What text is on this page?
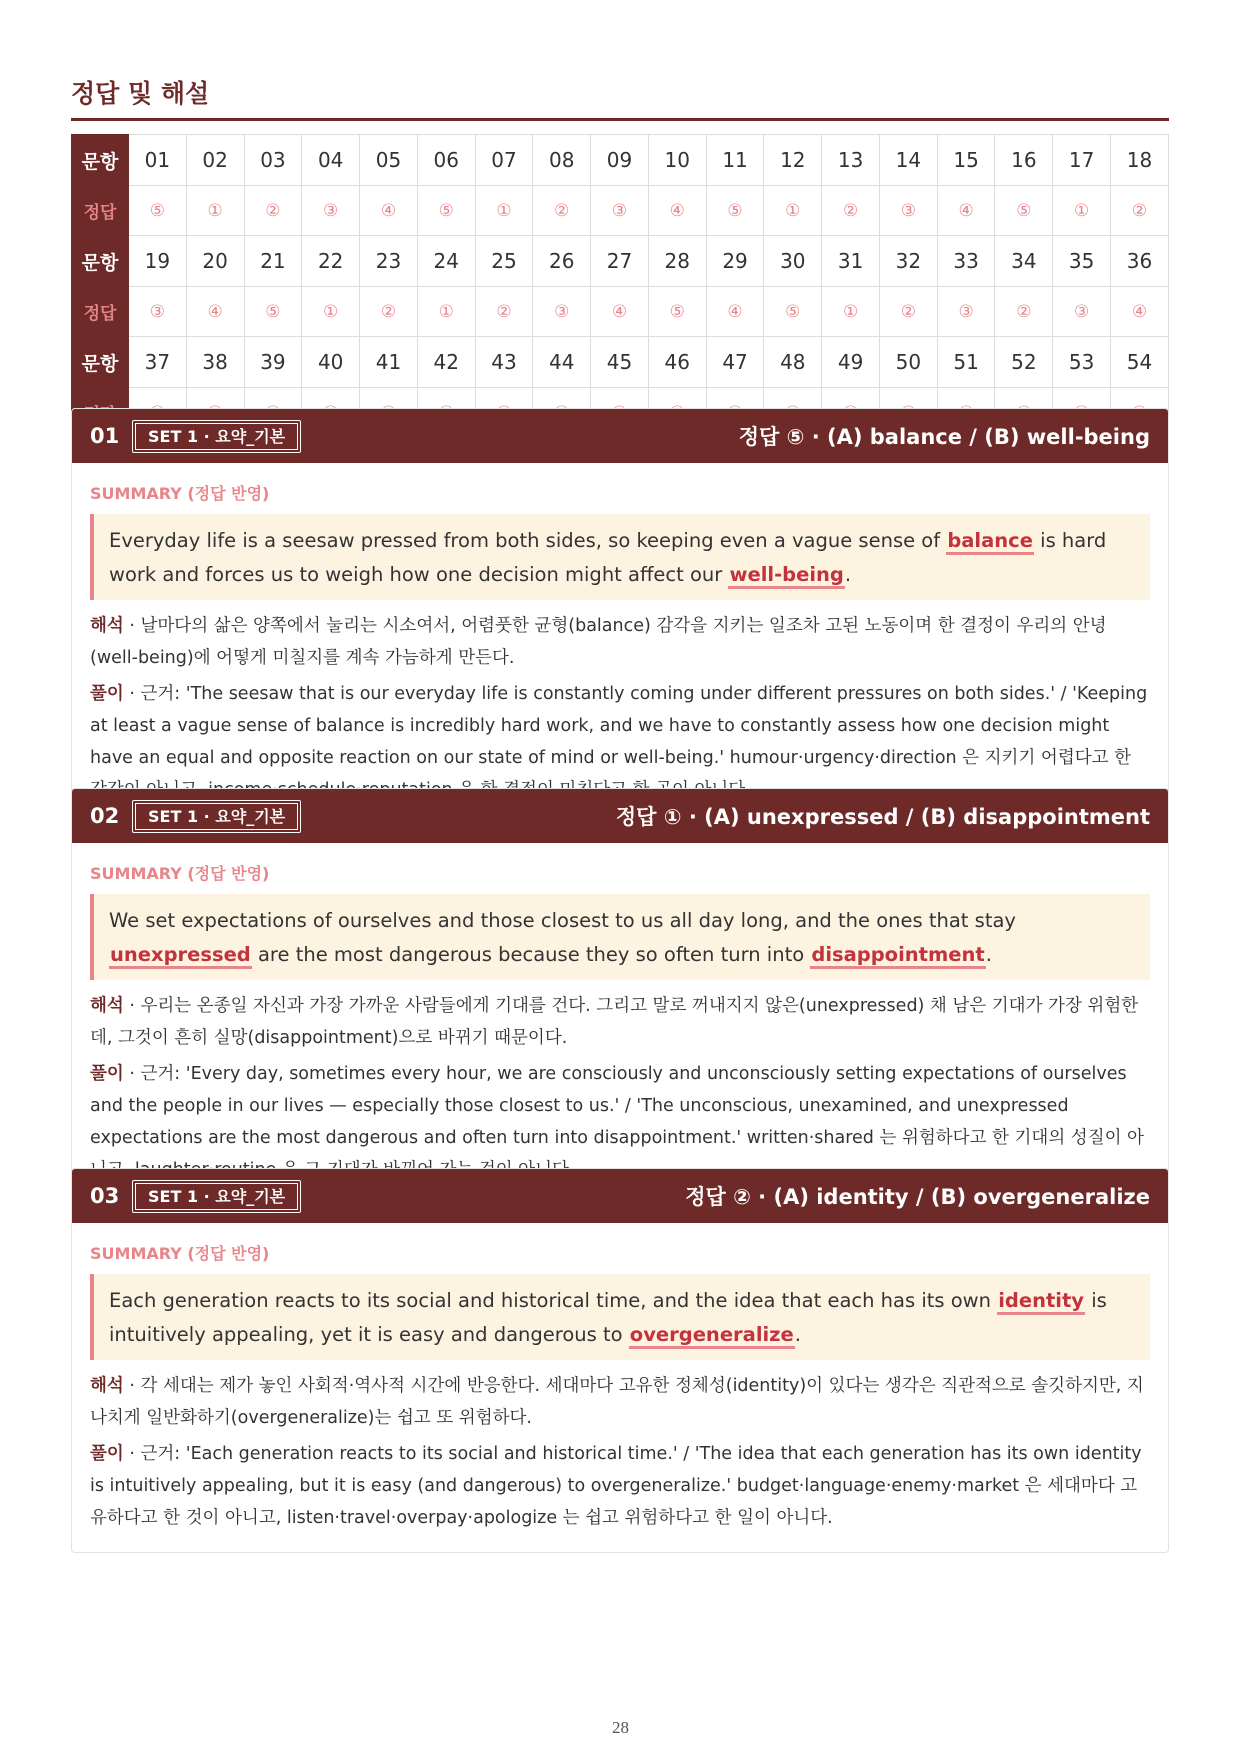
정답 및 해설
문항	01	02	03	04	05	06	07	08	09	10	11	12	13	14	15	16	17	18
정답	⑤	①	②	③	④	⑤	①	②	③	④	⑤	①	②	③	④	⑤	①	②
문항	19	20	21	22	23	24	25	26	27	28	29	30	31	32	33	34	35	36
정답	③	④	⑤	①	②	①	②	③	④	⑤	④	⑤	①	②	③	②	③	④
문항	37	38	39	40	41	42	43	44	45	46	47	48	49	50	51	52	53	54

01	SET 1 · 요약_기본	정답 ⑤ · (A) balance / (B) well-being
SUMMARY (정답 반영)
Everyday life is a seesaw pressed from both sides, so keeping even a vague sense of balance is hard work and forces us to weigh how one decision might affect our well-being.
해석 · 날마다의 삶은 양쪽에서 눌리는 시소여서, 어렴풋한 균형(balance) 감각을 지키는 일조차 고된 노동이며 한 결정이 우리의 안녕(well-being)에 어떻게 미칠지를 계속 가늠하게 만든다.
풀이 · 근거: 'The seesaw that is our everyday life is constantly coming under different pressures on both sides.' / 'Keeping at least a vague sense of balance is incredibly hard work, and we have to constantly assess how one decision might have an equal and opposite reaction on our state of mind or well-being.' humour·urgency·direction 은 지키기 어렵다고 한
02	SET 1 · 요약_기본	정답 ① · (A) unexpressed / (B) disappointment
SUMMARY (정답 반영)
We set expectations of ourselves and those closest to us all day long, and the ones that stay unexpressed are the most dangerous because they so often turn into disappointment.
해석 · 우리는 온종일 자신과 가장 가까운 사람들에게 기대를 건다. 그리고 말로 꺼내지지 않은(unexpressed) 채 남은 기대가 가장 위험한데, 그것이 흔히 실망(disappointment)으로 바뀌기 때문이다.
풀이 · 근거: 'Every day, sometimes every hour, we are consciously and unconsciously setting expectations of ourselves and the people in our lives — especially those closest to us.' / 'The unconscious, unexamined, and unexpressed expectations are the most dangerous and often turn into disappointment.' written·shared 는 위험하다고 한 기대의 성질이 아
03	SET 1 · 요약_기본	정답 ② · (A) identity / (B) overgeneralize
SUMMARY (정답 반영)
Each generation reacts to its social and historical time, and the idea that each has its own identity is intuitively appealing, yet it is easy and dangerous to overgeneralize.
해석 · 각 세대는 제가 놓인 사회적·역사적 시간에 반응한다. 세대마다 고유한 정체성(identity)이 있다는 생각은 직관적으로 솔깃하지만, 지나치게 일반화하기(overgeneralize)는 쉽고 또 위험하다.
풀이 · 근거: 'Each generation reacts to its social and historical time.' / 'The idea that each generation has its own identity is intuitively appealing, but it is easy (and dangerous) to overgeneralize.' budget·language·enemy·market 은 세대마다 고유하다고 한 것이 아니고, listen·travel·overpay·apologize 는 쉽고 위험하다고 한 일이 아니다.
28
